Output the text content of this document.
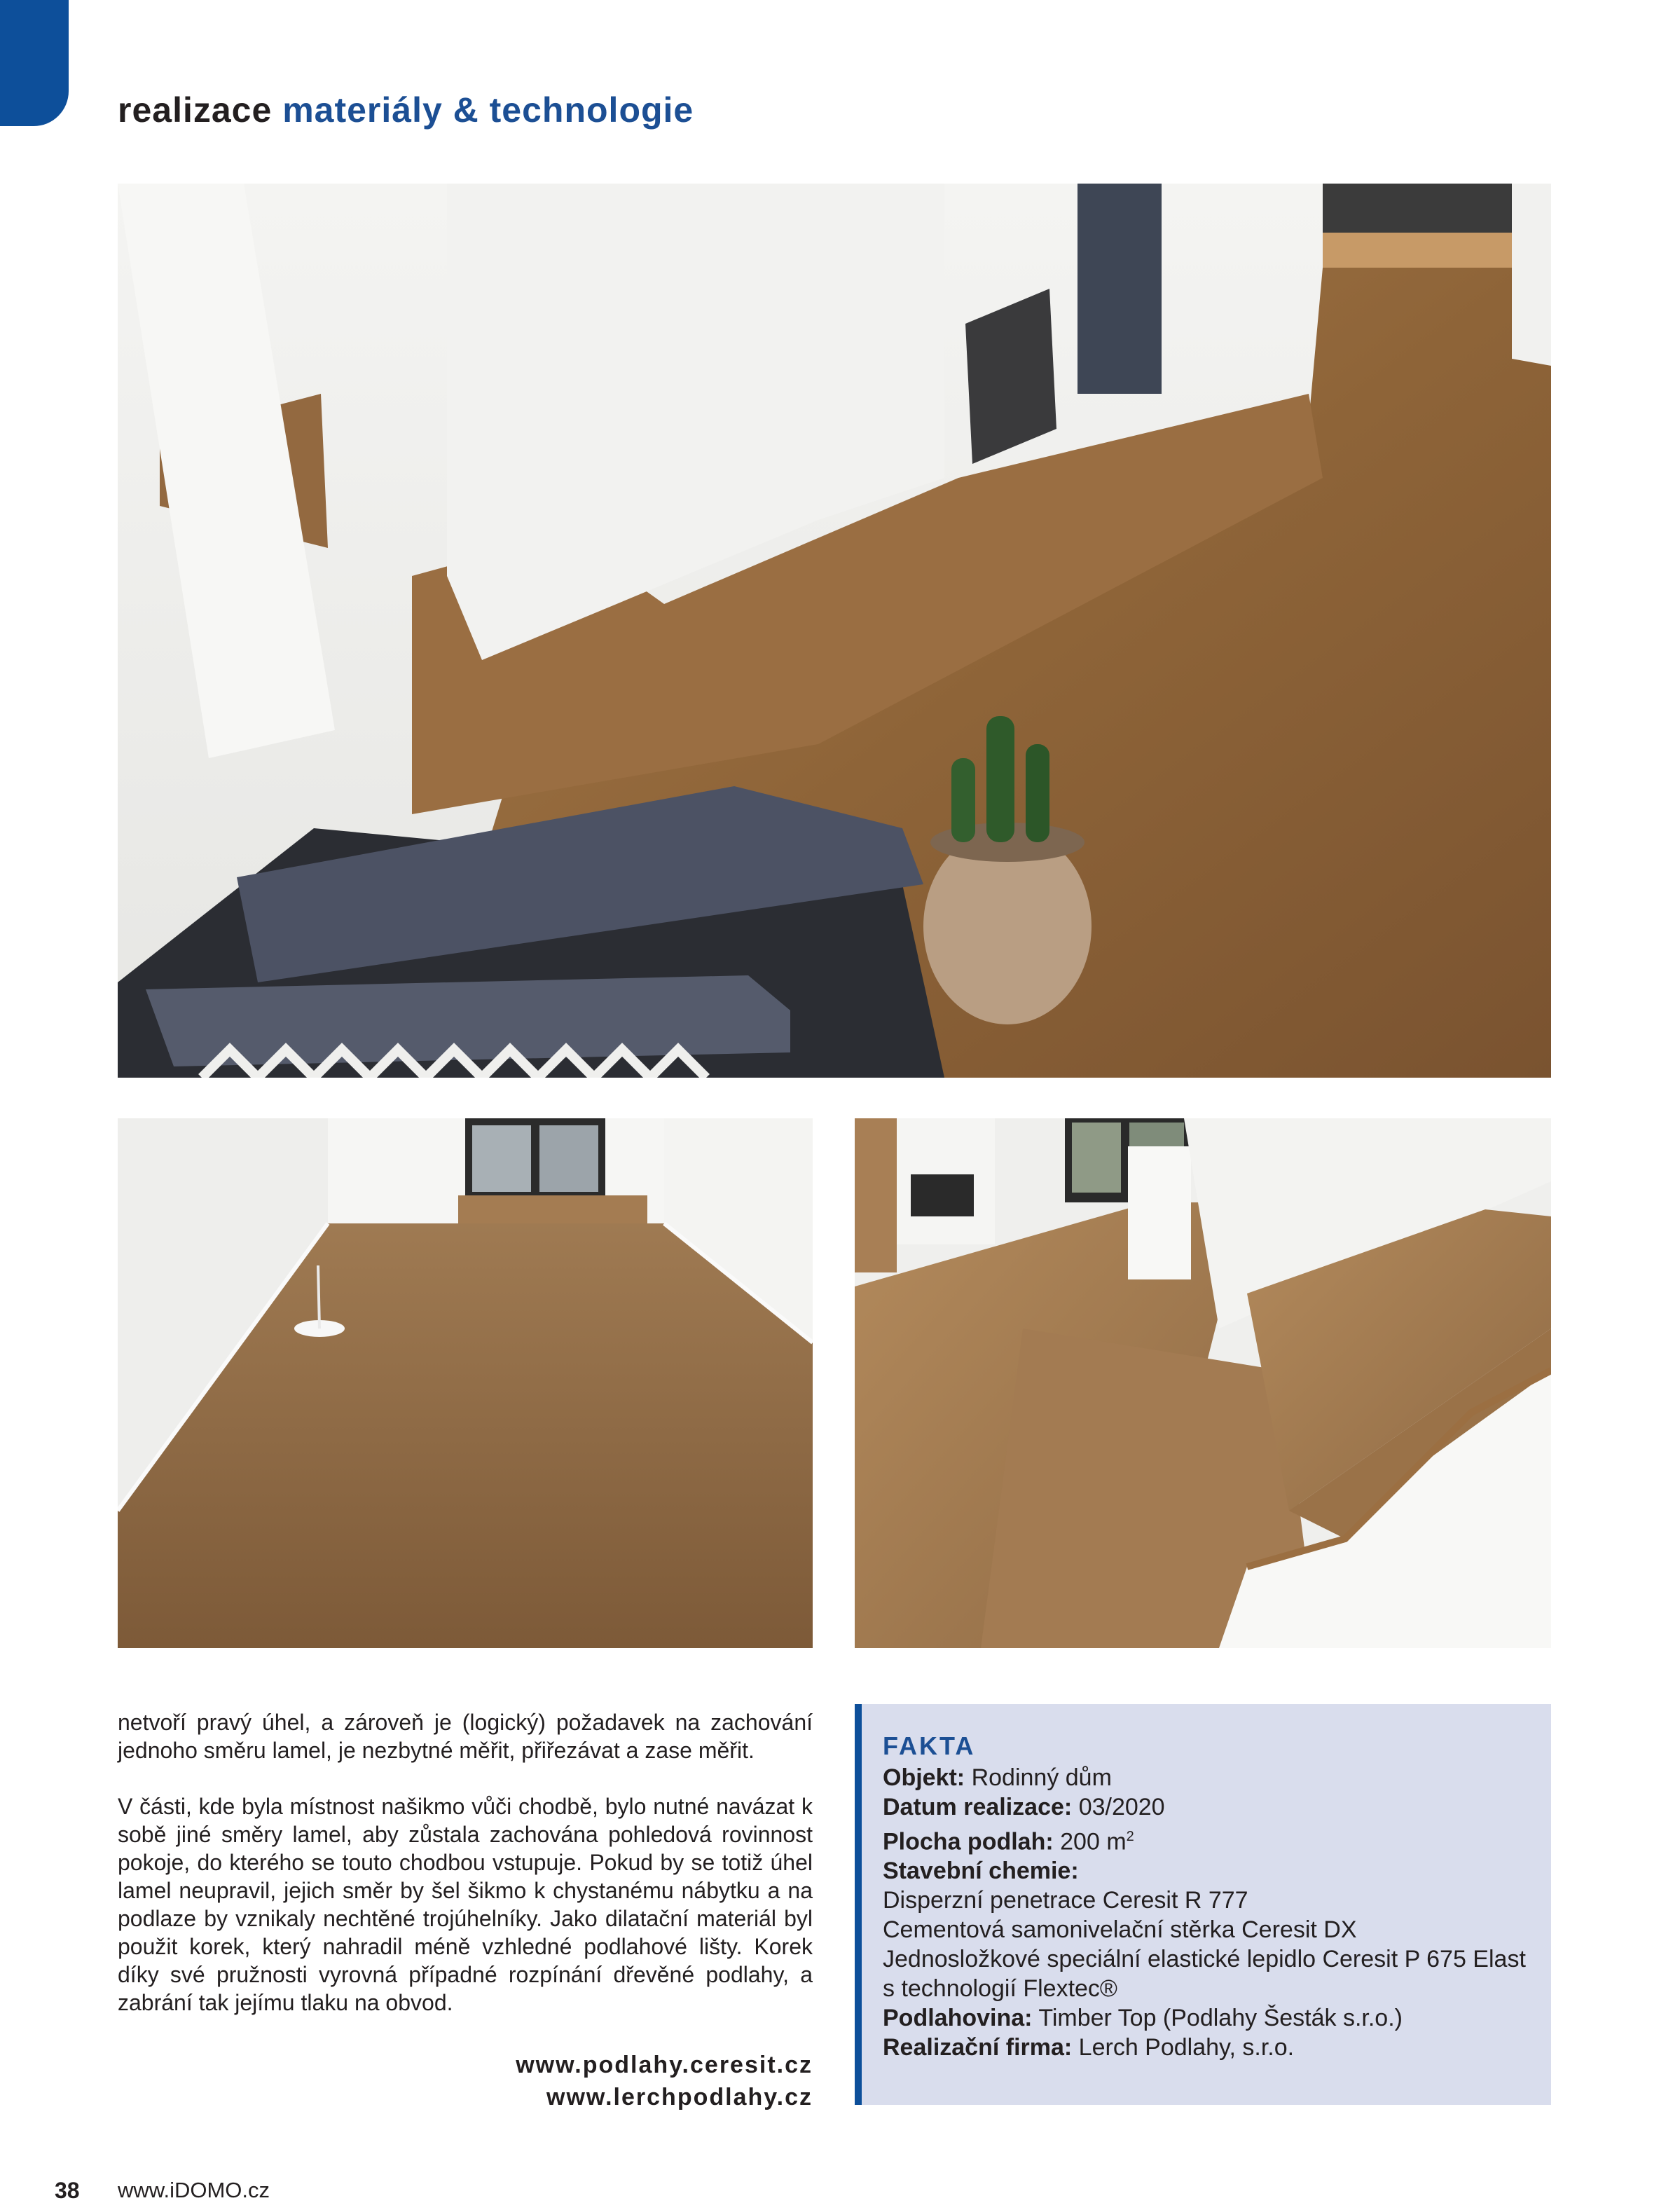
realizace materiály & technologie

netvoří pravý úhel, a zároveň je (logický) požadavek na zachování jednoho směru lamel, je nezbytné měřit, přiřezávat a zase měřit.

V části, kde byla místnost našikmo vůči chodbě, bylo nutné navázat k sobě jiné směry lamel, aby zůstala zachována pohledová rovinnost pokoje, do kterého se touto chodbou vstupuje. Pokud by se totiž úhel lamel neupravil, jejich směr by šel šikmo k chystanému nábytku a na podlaze by vznikaly nechtěné trojúhelníky. Jako dilatační materiál byl použit korek, který nahradil méně vzhledné podlahové lišty. Korek díky své pružnosti vyrovná případné rozpínání dřevěné podlahy, a zabrání tak jejímu tlaku na obvod.

www.podlahy.ceresit.cz
www.lerchpodlahy.cz
FAKTA
Objekt: Rodinný dům
Datum realizace: 03/2020
Plocha podlah: 200 $m^2$
Stavební chemie:
Disperzní penetrace Ceresit R 777
Cementová samonivelační stěrka Ceresit DX
Jednosložkové speciální elastické lepidlo Ceresit P 675 Elast
s technologií Flextec®
Podlahovina: Timber Top (Podlahy Šesták s.r.o.)
Realizační firma: Lerch Podlahy, s.r.o.
38 www.iDOMO.cz
